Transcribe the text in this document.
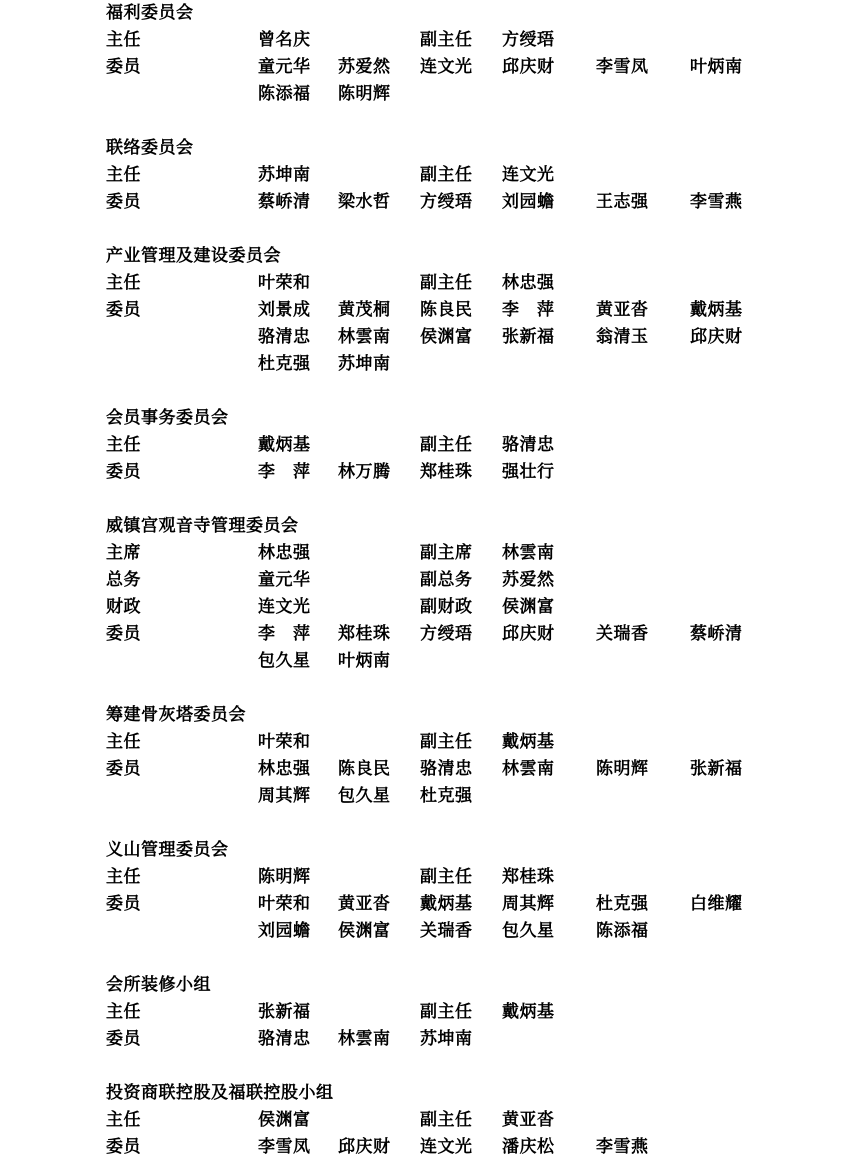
福利委员会
主任	曾名庆	副主任	方绶珸
委员	童元华	苏爱然	连文光	邱庆财	李雪凤	叶炳南
陈添福	陈明辉
联络委员会
主任	苏坤南	副主任	连文光
委员	蔡峤清	梁水哲	方绶珸	刘园蟾	王志强	李雪燕
产业管理及建设委员会
主任	叶荣和	副主任	林忠强
委员	刘景成	黄茂桐	陈良民	李　萍	黄亚沓	戴炳基
骆清忠	林雲南	侯渊富	张新福	翁清玉	邱庆财
杜克强	苏坤南
会员事务委员会
主任	戴炳基	副主任	骆清忠
委员	李　萍	林万腾	郑桂珠	强壮行
威镇宫观音寺管理委员会
主席	林忠强	副主席	林雲南
总务	童元华	副总务	苏爱然
财政	连文光	副财政	侯渊富
委员	李　萍	郑桂珠	方绶珸	邱庆财	关瑞香	蔡峤清
包久星	叶炳南
筹建骨灰塔委员会
主任	叶荣和	副主任	戴炳基
委员	林忠强	陈良民	骆清忠	林雲南	陈明辉	张新福
周其辉	包久星	杜克强
义山管理委员会
主任	陈明辉	副主任	郑桂珠
委员	叶荣和	黄亚沓	戴炳基	周其辉	杜克强	白维耀
刘园蟾	侯渊富	关瑞香	包久星	陈添福
会所装修小组
主任	张新福	副主任	戴炳基
委员	骆清忠	林雲南	苏坤南
投资商联控股及福联控股小组
主任	侯渊富	副主任	黄亚沓
委员	李雪凤	邱庆财	连文光	潘庆松	李雪燕
